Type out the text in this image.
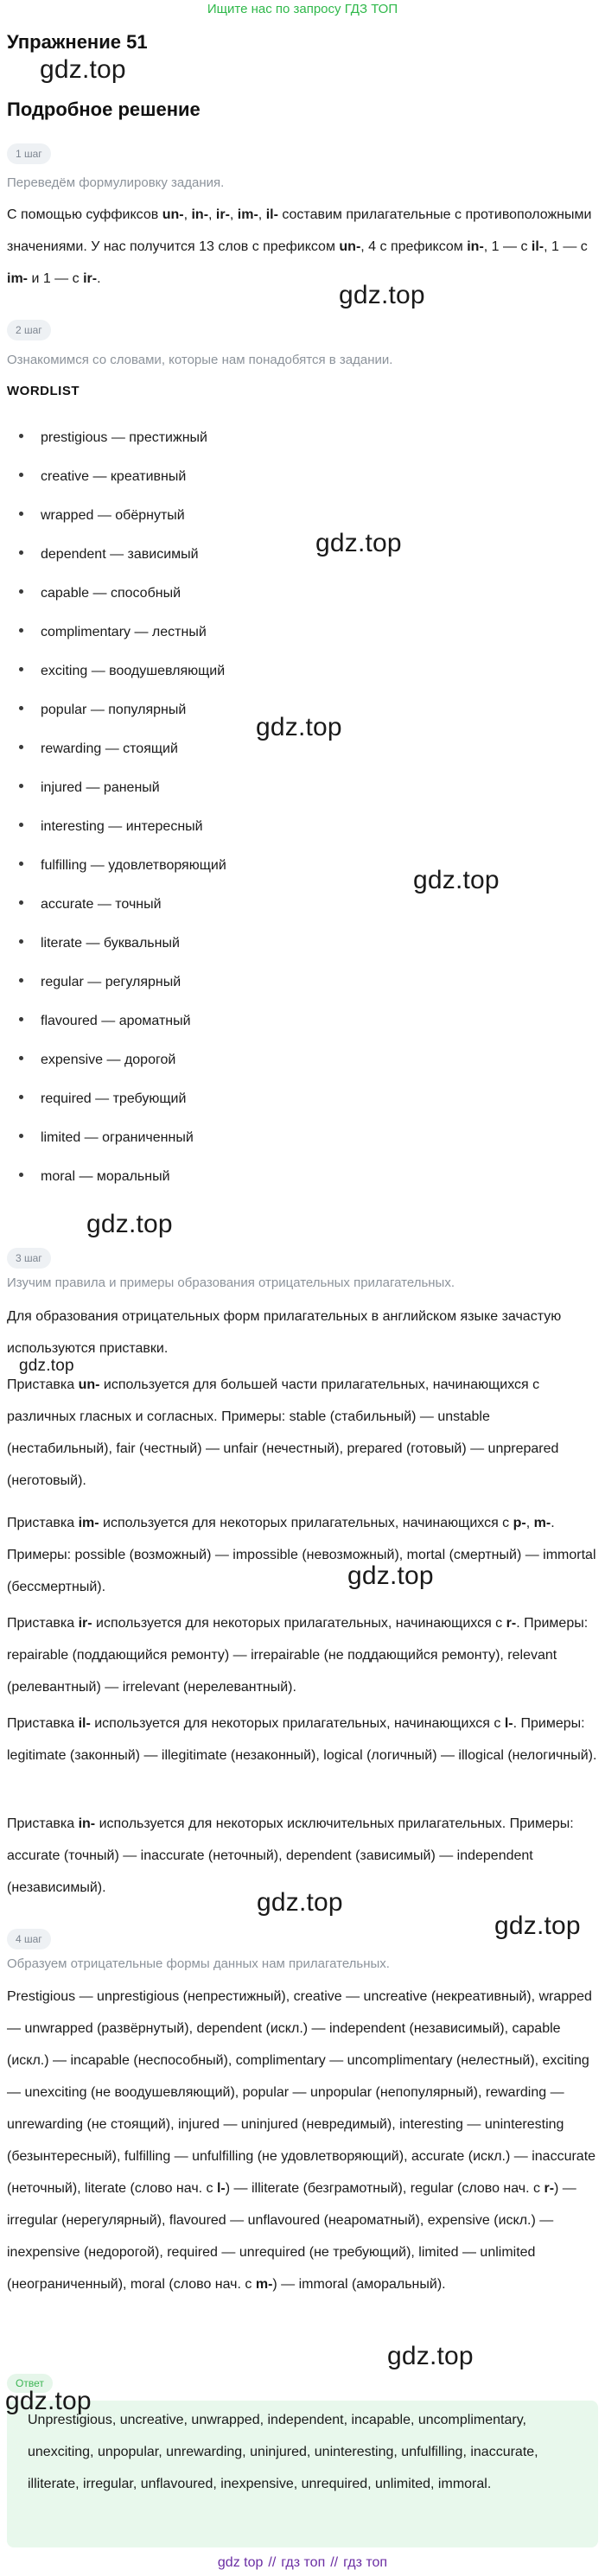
Ищите нас по запросу ГДЗ ТОП
Упражнение 51
gdz.top
Подробное решение
1 шаг
Переведём формулировку задания.

С помощью суффиксов un-, in-, ir-, im-, il- составим прилагательные с противоположными значениями. У нас получится 13 слов с префиксом un-, 4 с префиксом in-, 1 — с il-, 1 — с im- и 1 — с ir-.

gdz.top
2 шаг
Ознакомимся со словами, которые нам понадобятся в задании.
WORDLIST
prestigious — престижный
creative — креативный
wrapped — обёрнутый
dependent — зависимый
capable — способный
complimentary — лестный
exciting — воодушевляющий
popular — популярный
rewarding — стоящий
injured — раненый
interesting — интересный
fulfilling — удовлетворяющий
accurate — точный
literate — буквальный
regular — регулярный
flavoured — ароматный
expensive — дорогой
required — требующий
limited — ограниченный
moral — моральный
gdz.top
gdz.top
gdz.top
gdz.top
3 шаг
Изучим правила и примеры образования отрицательных прилагательных.

Для образования отрицательных форм прилагательных в английском языке зачастую используются приставки.

gdz.top

Приставка un- используется для большей части прилагательных, начинающихся с различных гласных и согласных. Примеры: stable (стабильный) — unstable (нестабильный), fair (честный) — unfair (нечестный), prepared (готовый) — unprepared (неготовый).

Приставка im- используется для некоторых прилагательных, начинающихся с p-, m-. Примеры: possible (возможный) — impossible (невозможный), mortal (смертный) — immortal (бессмертный).	gdz.top

Приставка ir- используется для некоторых прилагательных, начинающихся с r-. Примеры: repairable (поддающийся ремонту) — irrepairable (не поддающийся ремонту), relevant (релевантный) — irrelevant (нерелевантный).

Приставка il- используется для некоторых прилагательных, начинающихся с l-. Примеры: legitimate (законный) — illegitimate (незаконный), logical (логичный) — illogical (нелогичный).

Приставка in- используется для некоторых исключительных прилагательных. Примеры: accurate (точный) — inaccurate (неточный), dependent (зависимый) — independent (независимый).

gdz.top
4 шаг	gdz.top
Образуем отрицательные формы данных нам прилагательных.

Prestigious — unprestigious (непрестижный), creative — uncreative (некреативный), wrapped — unwrapped (развёрнутый), dependent (искл.) — independent (независимый), capable (искл.) — incapable (неспособный), complimentary — uncomplimentary (нелестный), exciting — unexciting (не воодушевляющий), popular — unpopular (непопулярный), rewarding — unrewarding (не стоящий), injured — uninjured (невредимый), interesting — uninteresting (безынтересный), fulfilling — unfulfilling (не удовлетворяющий), accurate (искл.) — inaccurate (неточный), literate (слово нач. с l-) — illiterate (безграмотный), regular (слово нач. с r-) — irregular (нерегулярный), flavoured — unflavoured (неароматный), expensive (искл.) — inexpensive (недорогой), required — unrequired (не требующий), limited — unlimited (неограниченный), moral (слово нач. с m-) — immoral (аморальный).

gdz.top
Ответ
gdz.top

Unprestigious, uncreative, unwrapped, independent, incapable, uncomplimentary, unexciting, unpopular, unrewarding, uninjured, uninteresting, unfulfilling, inaccurate, illiterate, irregular, unflavoured, inexpensive, unrequired, unlimited, immoral.

gdz top // гдз топ // гдз топ
